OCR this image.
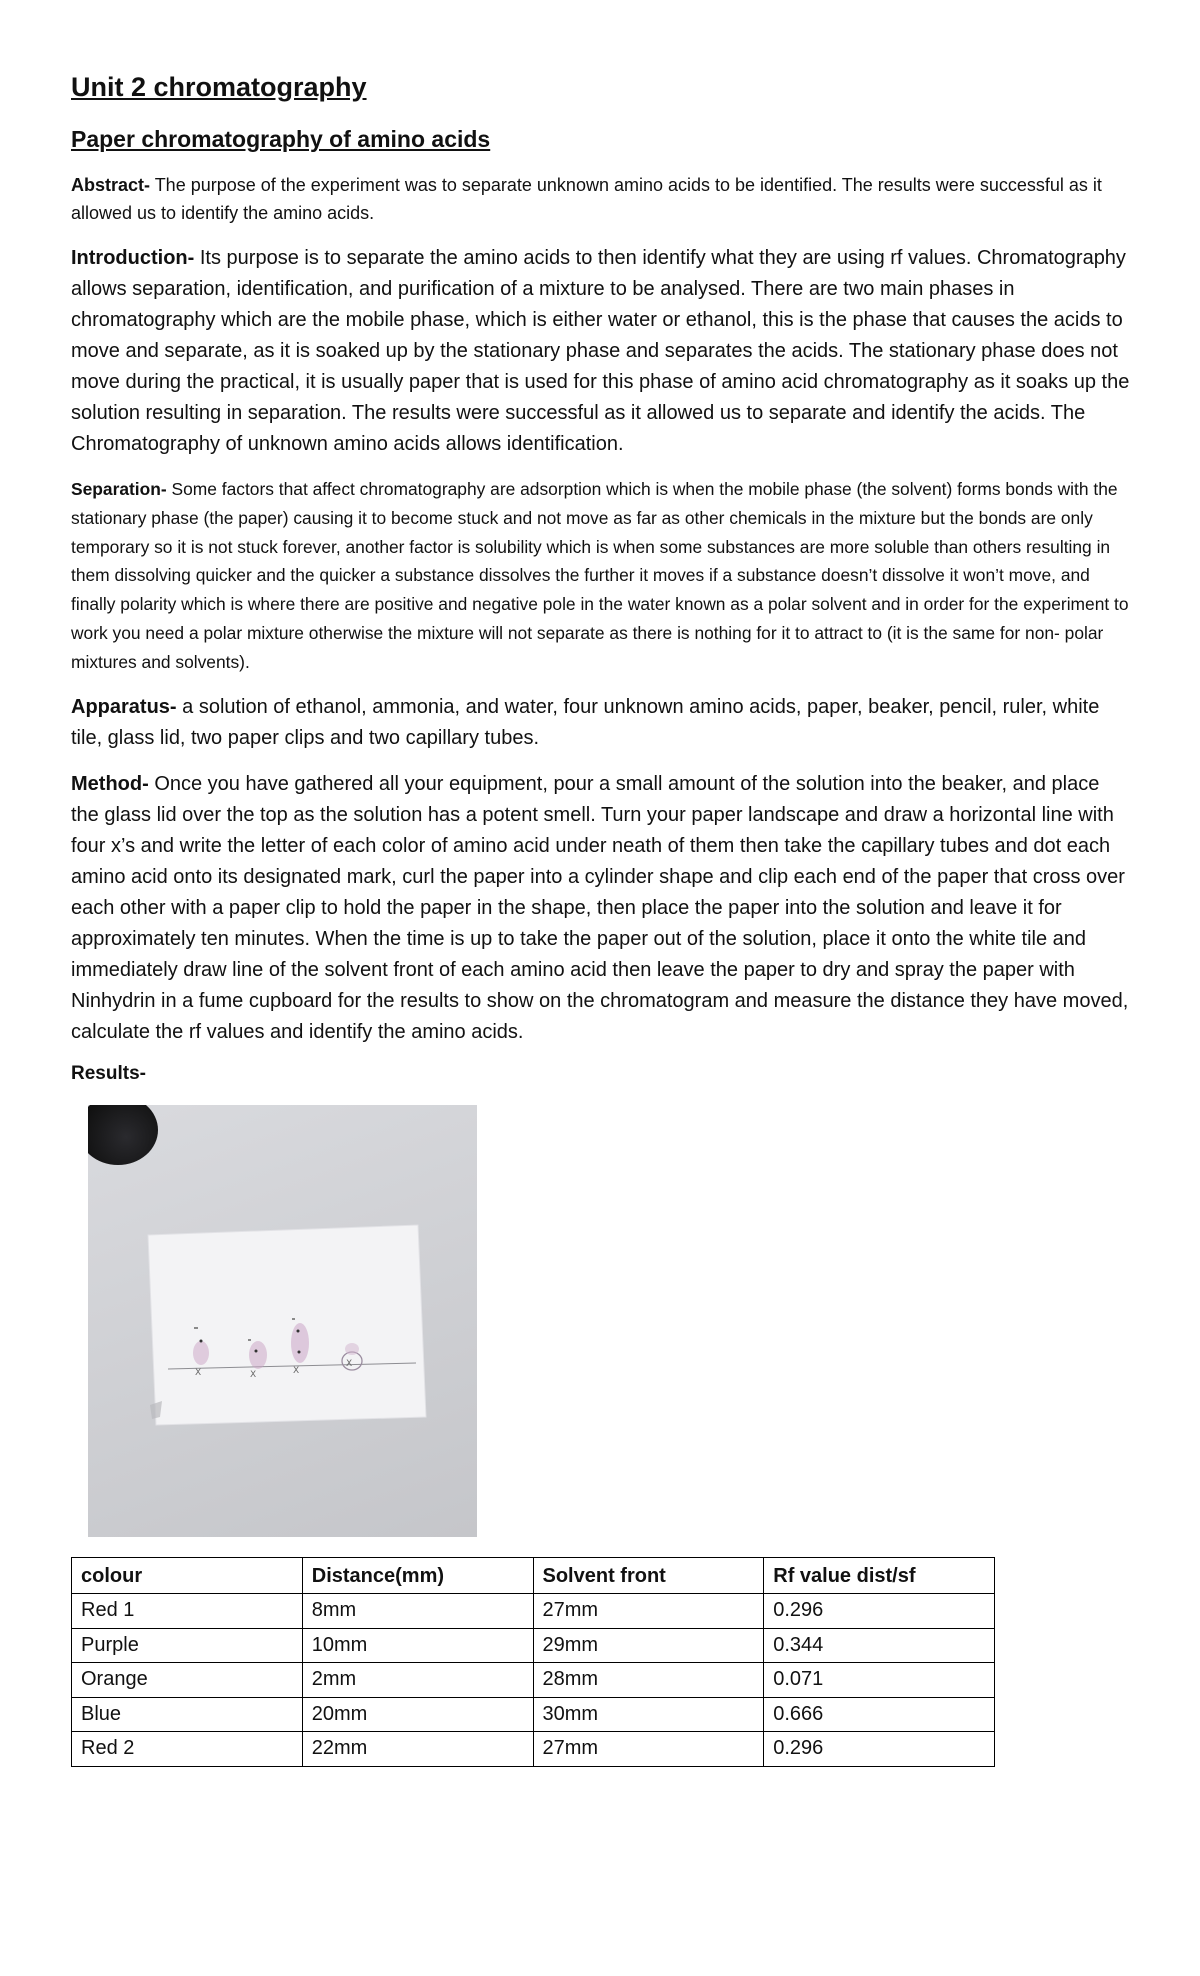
Unit 2 chromatography
Paper chromatography of amino acids

Abstract- The purpose of the experiment was to separate unknown amino acids to be identified. The results were successful as it allowed us to identify the amino acids.

Introduction- Its purpose is to separate the amino acids to then identify what they are using rf values. Chromatography allows separation, identification, and purification of a mixture to be analysed. There are two main phases in chromatography which are the mobile phase, which is either water or ethanol, this is the phase that causes the acids to move and separate, as it is soaked up by the stationary phase and separates the acids. The stationary phase does not move during the practical, it is usually paper that is used for this phase of amino acid chromatography as it soaks up the solution resulting in separation. The results were successful as it allowed us to separate and identify the acids. The Chromatography of unknown amino acids allows identification.

Separation- Some factors that affect chromatography are adsorption which is when the mobile phase (the solvent) forms bonds with the stationary phase (the paper) causing it to become stuck and not move as far as other chemicals in the mixture but the bonds are only temporary so it is not stuck forever, another factor is solubility which is when some substances are more soluble than others resulting in them dissolving quicker and the quicker a substance dissolves the further it moves if a substance doesn’t dissolve it won’t move, and finally polarity which is where there are positive and negative pole in the water known as a polar solvent and in order for the experiment to work you need a polar mixture otherwise the mixture will not separate as there is nothing for it to attract to (it is the same for non- polar mixtures and solvents).

Apparatus- a solution of ethanol, ammonia, and water, four unknown amino acids, paper, beaker, pencil, ruler, white tile, glass lid, two paper clips and two capillary tubes.

Method- Once you have gathered all your equipment, pour a small amount of the solution into the beaker, and place the glass lid over the top as the solution has a potent smell. Turn your paper landscape and draw a horizontal line with four x’s and write the letter of each color of amino acid under neath of them then take the capillary tubes and dot each amino acid onto its designated mark, curl the paper into a cylinder shape and clip each end of the paper that cross over each other with a paper clip to hold the paper in the shape, then place the paper into the solution and leave it for approximately ten minutes. When the time is up to take the paper out of the solution, place it onto the white tile and immediately draw line of the solvent front of each amino acid then leave the paper to dry and spray the paper with Ninhydrin in a fume cupboard for the results to show on the chromatogram and measure the distance they have moved, calculate the rf values and identify the amino acids.

Results-
X	X	X
X
colour	Distance(mm)	Solvent front	Rf value dist/sf
Red 1	8mm	27mm	0.296
Purple	10mm	29mm	0.344
Orange	2mm	28mm	0.071
Blue	20mm	30mm	0.666
Red 2	22mm	27mm	0.296
